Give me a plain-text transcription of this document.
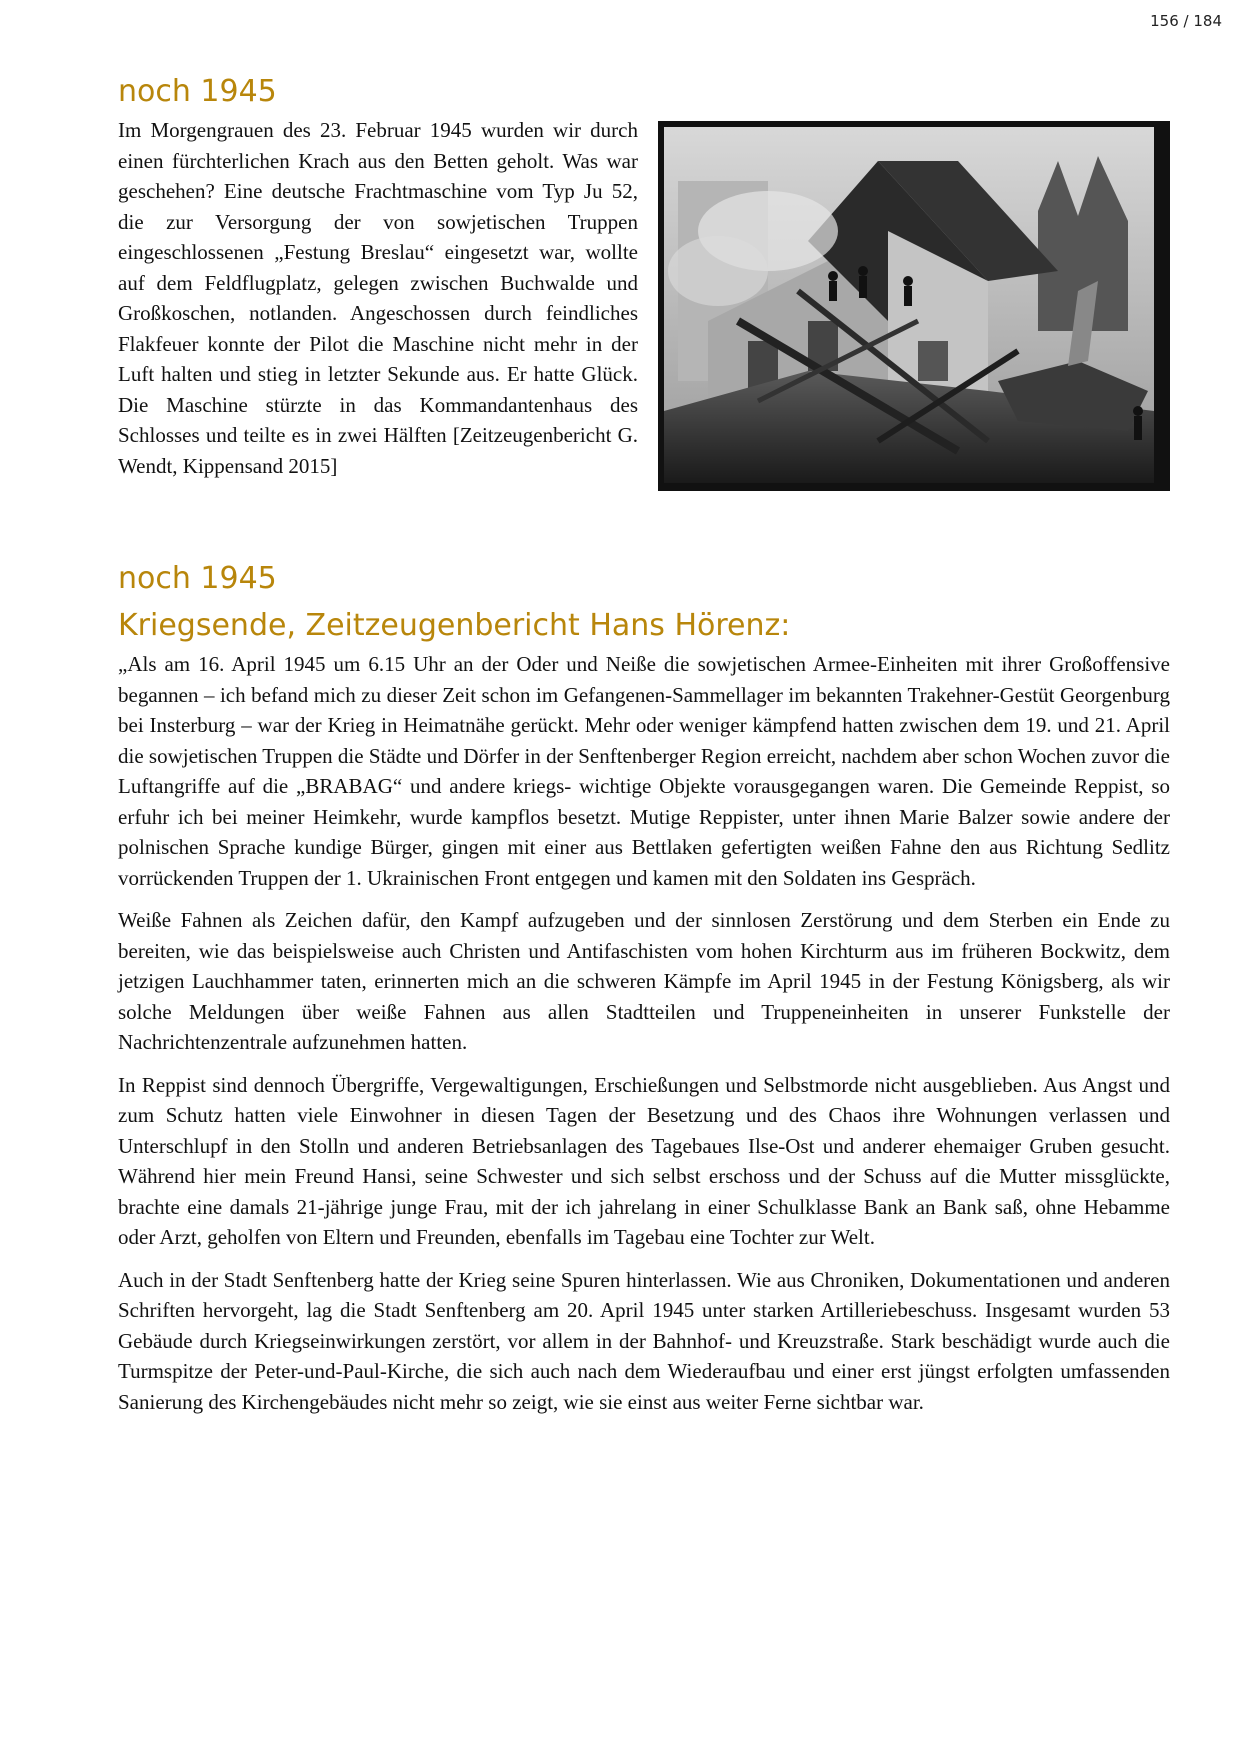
156 / 184
noch 1945

Im Morgengrauen des 23. Februar 1945 wurden wir durch einen fürchterlichen Krach aus den Betten geholt. Was war geschehen? Eine deutsche Frachtmaschine vom Typ Ju 52, die zur Versorgung der von sowjetischen Truppen eingeschlossenen „Festung Breslau“ eingesetzt war, wollte auf dem Feldflugplatz, gelegen zwischen Buchwalde und Großkoschen, notlanden. Angeschossen durch feindliches Flakfeuer konnte der Pilot die Maschine nicht mehr in der Luft halten und stieg in letzter Sekunde aus. Er hatte Glück. Die Maschine stürzte in das Kommandantenhaus des Schlosses und teilte es in zwei Hälften [Zeitzeugenbericht G. Wendt, Kippensand 2015]

noch 1945
Kriegsende, Zeitzeugenbericht Hans Hörenz:

„Als am 16. April 1945 um 6.15 Uhr an der Oder und Neiße die sowjetischen Armee-Einheiten mit ihrer Großoffensive begannen – ich befand mich zu dieser Zeit schon im Gefangenen-Sammellager im bekannten Trakehner-Gestüt Georgenburg bei Insterburg – war der Krieg in Heimatnähe gerückt. Mehr oder weniger kämpfend hatten zwischen dem 19. und 21. April die sowjetischen Truppen die Städte und Dörfer in der Senftenberger Region erreicht, nachdem aber schon Wochen zuvor die Luftangriffe auf die „BRABAG“ und andere kriegs- wichtige Objekte vorausgegangen waren. Die Gemeinde Reppist, so erfuhr ich bei meiner Heimkehr, wurde kampflos besetzt. Mutige Reppister, unter ihnen Marie Balzer sowie andere der polnischen Sprache kundige Bürger, gingen mit einer aus Bettlaken gefertigten weißen Fahne den aus Richtung Sedlitz vorrückenden Truppen der 1. Ukrainischen Front entgegen und kamen mit den Soldaten ins Gespräch.

Weiße Fahnen als Zeichen dafür, den Kampf aufzugeben und der sinnlosen Zerstörung und dem Sterben ein Ende zu bereiten, wie das beispielsweise auch Christen und Antifaschisten vom hohen Kirchturm aus im früheren Bockwitz, dem jetzigen Lauchhammer taten, erinnerten mich an die schweren Kämpfe im April 1945 in der Festung Königsberg, als wir solche Meldungen über weiße Fahnen aus allen Stadtteilen und Truppeneinheiten in unserer Funkstelle der Nachrichtenzentrale aufzunehmen hatten.

In Reppist sind dennoch Übergriffe, Vergewaltigungen, Erschießungen und Selbstmorde nicht ausgeblieben. Aus Angst und zum Schutz hatten viele Einwohner in diesen Tagen der Besetzung und des Chaos ihre Wohnungen verlassen und Unterschlupf in den Stolln und anderen Betriebsanlagen des Tagebaues Ilse-Ost und anderer ehemaiger Gruben gesucht. Während hier mein Freund Hansi, seine Schwester und sich selbst erschoss und der Schuss auf die Mutter missglückte, brachte eine damals 21-jährige junge Frau, mit der ich jahrelang in einer Schulklasse Bank an Bank saß, ohne Hebamme oder Arzt, geholfen von Eltern und Freunden, ebenfalls im Tagebau eine Tochter zur Welt.

Auch in der Stadt Senftenberg hatte der Krieg seine Spuren hinterlassen. Wie aus Chroniken, Dokumentationen und anderen Schriften hervorgeht, lag die Stadt Senftenberg am 20. April 1945 unter starken Artilleriebeschuss. Insgesamt wurden 53 Gebäude durch Kriegseinwirkungen zerstört, vor allem in der Bahnhof- und Kreuzstraße. Stark beschädigt wurde auch die Turmspitze der Peter-und-Paul-Kirche, die sich auch nach dem Wiederaufbau und einer erst jüngst erfolgten umfassenden Sanierung des Kirchengebäudes nicht mehr so zeigt, wie sie einst aus weiter Ferne sichtbar war.
